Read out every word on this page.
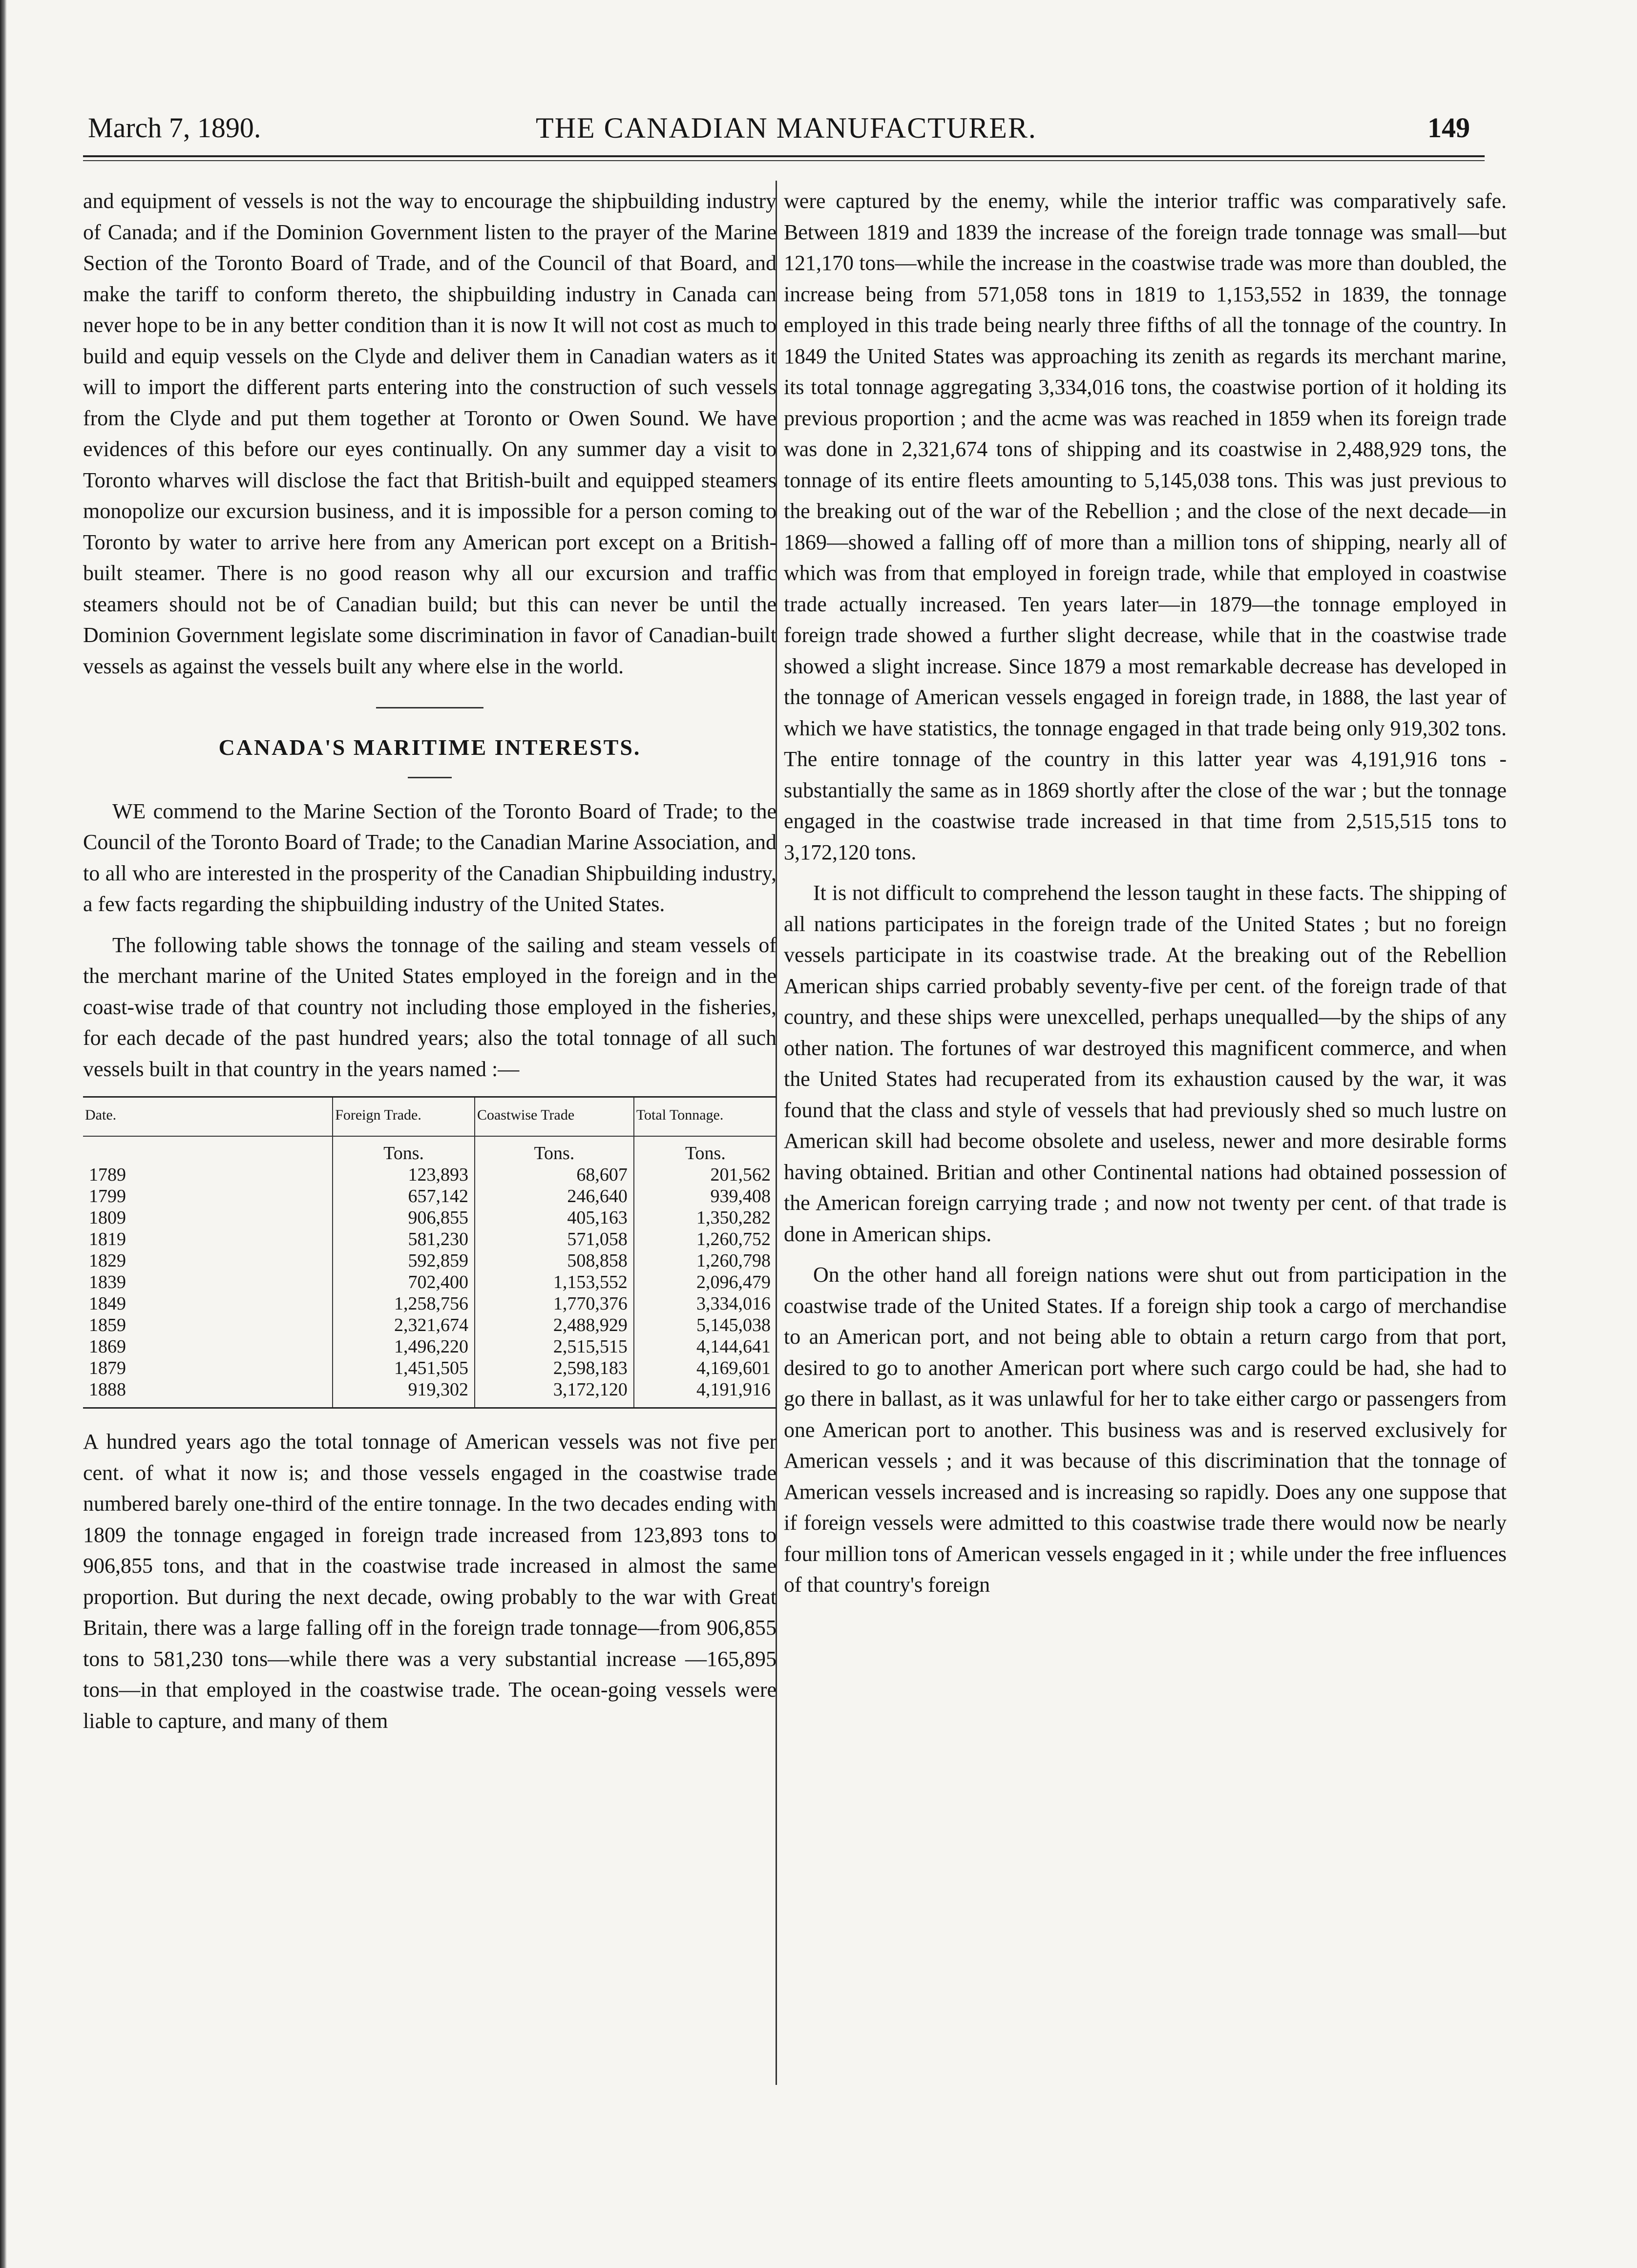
March 7, 1890.	THE CANADIAN MANUFACTURER.	149

and equipment of vessels is not the way to encourage the shipbuilding industry of Canada; and if the Dominion Government listen to the prayer of the Marine Section of the Toronto Board of Trade, and of the Council of that Board, and make the tariff to conform thereto, the shipbuilding industry in Canada can never hope to be in any better condition than it is now It will not cost as much to build and equip vessels on the Clyde and deliver them in Canadian waters as it will to import the different parts entering into the construction of such vessels from the Clyde and put them together at Toronto or Owen Sound. We have evidences of this before our eyes continually. On any summer day a visit to Toronto wharves will disclose the fact that British-built and equipped steamers monopolize our excursion business, and it is impossible for a person coming to Toronto by water to arrive here from any American port except on a British-built steamer. There is no good reason why all our excursion and traffic steamers should not be of Canadian build; but this can never be until the Dominion Government legislate some discrimination in favor of Canadian-built vessels as against the vessels built any where else in the world.

CANADA'S MARITIME INTERESTS.

WE commend to the Marine Section of the Toronto Board of Trade; to the Council of the Toronto Board of Trade; to the Canadian Marine Association, and to all who are interested in the prosperity of the Canadian Shipbuilding industry, a few facts regarding the shipbuilding industry of the United States.

The following table shows the tonnage of the sailing and steam vessels of the merchant marine of the United States employed in the foreign and in the coast-wise trade of that country not including those employed in the fisheries, for each decade of the past hundred years; also the total tonnage of all such vessels built in that country in the years named :—

Date.	Foreign Trade.	Coastwise Trade	Total Tonnage.
	Tons.	Tons.	Tons.
1789	123,893	68,607	201,562
1799	657,142	246,640	939,408
1809	906,855	405,163	1,350,282
1819	581,230	571,058	1,260,752
1829	592,859	508,858	1,260,798
1839	702,400	1,153,552	2,096,479
1849	1,258,756	1,770,376	3,334,016
1859	2,321,674	2,488,929	5,145,038
1869	1,496,220	2,515,515	4,144,641
1879	1,451,505	2,598,183	4,169,601
1888	919,302	3,172,120	4,191,916

A hundred years ago the total tonnage of American vessels was not five per cent. of what it now is; and those vessels engaged in the coastwise trade numbered barely one-third of the entire tonnage. In the two decades ending with 1809 the tonnage engaged in foreign trade increased from 123,893 tons to 906,855 tons, and that in the coastwise trade increased in almost the same proportion. But during the next decade, owing probably to the war with Great Britain, there was a large falling off in the foreign trade tonnage—from 906,855 tons to 581,230 tons—while there was a very substantial increase —165,895 tons—in that employed in the coastwise trade. The ocean-going vessels were liable to capture, and many of them

were captured by the enemy, while the interior traffic was comparatively safe. Between 1819 and 1839 the increase of the foreign trade tonnage was small—but 121,170 tons—while the increase in the coastwise trade was more than doubled, the increase being from 571,058 tons in 1819 to 1,153,552 in 1839, the tonnage employed in this trade being nearly three fifths of all the tonnage of the country. In 1849 the United States was approaching its zenith as regards its merchant marine, its total tonnage aggregating 3,334,016 tons, the coastwise portion of it holding its previous proportion ; and the acme was was reached in 1859 when its foreign trade was done in 2,321,674 tons of shipping and its coastwise in 2,488,929 tons, the tonnage of its entire fleets amounting to 5,145,038 tons. This was just previous to the breaking out of the war of the Rebellion ; and the close of the next decade—in 1869—showed a falling off of more than a million tons of shipping, nearly all of which was from that employed in foreign trade, while that employed in coastwise trade actually increased. Ten years later—in 1879—the tonnage employed in foreign trade showed a further slight decrease, while that in the coastwise trade showed a slight increase. Since 1879 a most remarkable decrease has developed in the tonnage of American vessels engaged in foreign trade, in 1888, the last year of which we have statistics, the tonnage engaged in that trade being only 919,302 tons. The entire tonnage of the country in this latter year was 4,191,916 tons - substantially the same as in 1869 shortly after the close of the war ; but the tonnage engaged in the coastwise trade increased in that time from 2,515,515 tons to 3,172,120 tons.

It is not difficult to comprehend the lesson taught in these facts. The shipping of all nations participates in the foreign trade of the United States ; but no foreign vessels participate in its coastwise trade. At the breaking out of the Rebellion American ships carried probably seventy-five per cent. of the foreign trade of that country, and these ships were unexcelled, perhaps unequalled—by the ships of any other nation. The fortunes of war destroyed this magnificent commerce, and when the United States had recuperated from its exhaustion caused by the war, it was found that the class and style of vessels that had previously shed so much lustre on American skill had become obsolete and useless, newer and more desirable forms having obtained. Britian and other Continental nations had obtained possession of the American foreign carrying trade ; and now not twenty per cent. of that trade is done in American ships.

On the other hand all foreign nations were shut out from participation in the coastwise trade of the United States. If a foreign ship took a cargo of merchandise to an American port, and not being able to obtain a return cargo from that port, desired to go to another American port where such cargo could be had, she had to go there in ballast, as it was unlawful for her to take either cargo or passengers from one American port to another. This business was and is reserved exclusively for American vessels ; and it was because of this discrimination that the tonnage of American vessels increased and is increasing so rapidly. Does any one suppose that if foreign vessels were admitted to this coastwise trade there would now be nearly four million tons of American vessels engaged in it ; while under the free influences of that country's foreign
